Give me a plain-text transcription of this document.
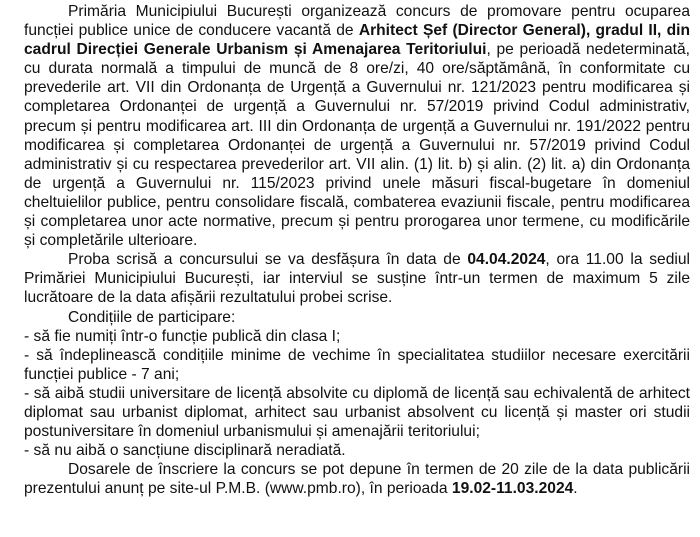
Primăria Municipiului București organizează concurs de promovare pentru ocuparea funcției publice unice de conducere vacantă de Arhitect Șef (Director General), gradul II, din cadrul Direcției Generale Urbanism și Amenajarea Teritoriului, pe perioadă nedeterminată, cu durata normală a timpului de muncă de 8 ore/zi, 40 ore/săptămână, în conformitate cu prevederile art. VII din Ordonanța de Urgență a Guvernului nr. 121/2023 pentru modificarea și completarea Ordonanței de urgență a Guvernului nr. 57/2019 privind Codul administrativ, precum și pentru modificarea art. III din Ordonanța de urgență a Guvernului nr. 191/2022 pentru modificarea și completarea Ordonanței de urgență a Guvernului nr. 57/2019 privind Codul administrativ și cu respectarea prevederilor art. VII alin. (1) lit. b) și alin. (2) lit. a) din Ordonanța de urgență a Guvernului nr. 115/2023 privind unele măsuri fiscal-bugetare în domeniul cheltuielilor publice, pentru consolidare fiscală, combaterea evaziunii fiscale, pentru modificarea și completarea unor acte normative, precum și pentru prorogarea unor termene, cu modificările și completările ulterioare.

Proba scrisă a concursului se va desfășura în data de 04.04.2024, ora 11.00 la sediul Primăriei Municipiului București, iar interviul se susține într-un termen de maximum 5 zile lucrătoare de la data afișării rezultatului probei scrise.

Condițiile de participare:

- să fie numiți într-o funcție publică din clasa I;
- să îndeplinească condițiile minime de vechime în specialitatea studiilor necesare exercitării funcției publice - 7 ani;
- să aibă studii universitare de licență absolvite cu diplomă de licență sau echivalentă de arhitect diplomat sau urbanist diplomat, arhitect sau urbanist absolvent cu licență și master ori studii postuniversitare în domeniul urbanismului și amenajării teritoriului;
- să nu aibă o sancțiune disciplinară neradiată.

Dosarele de înscriere la concurs se pot depune în termen de 20 zile de la data publicării prezentului anunț pe site-ul P.M.B. (www.pmb.ro), în perioada 19.02-11.03.2024.
